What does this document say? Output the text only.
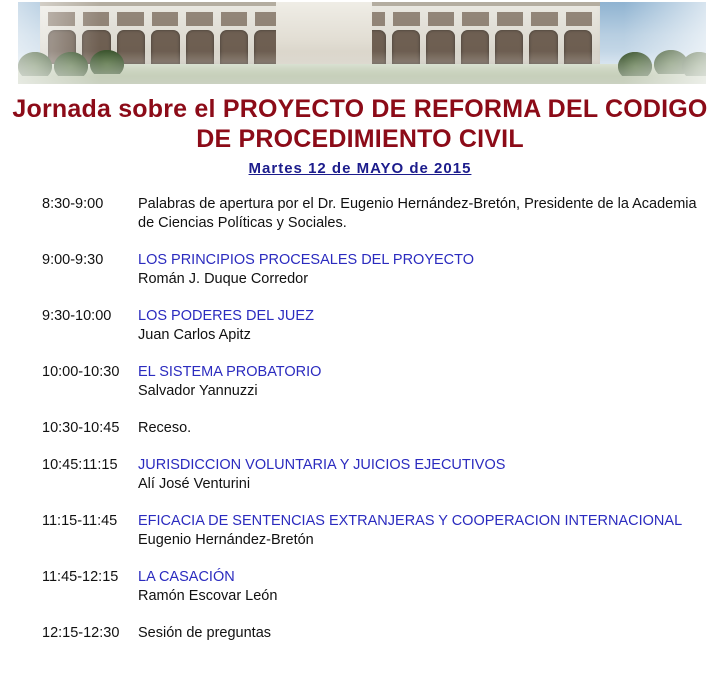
Jornada sobre el PROYECTO DE REFORMA DEL CODIGO DE PROCEDIMIENTO CIVIL
Martes 12 de MAYO de 2015
8:30-9:00	Palabras de apertura por el Dr. Eugenio Hernández-Bretón, Presidente de la Academia de Ciencias Políticas y Sociales.
9:00-9:30	LOS PRINCIPIOS PROCESALES DEL PROYECTO
Román J. Duque Corredor
9:30-10:00	LOS PODERES DEL JUEZ
Juan Carlos Apitz
10:00-10:30	EL SISTEMA PROBATORIO
Salvador Yannuzzi
10:30-10:45	Receso.
10:45:11:15	JURISDICCION VOLUNTARIA Y JUICIOS EJECUTIVOS
Alí José Venturini
11:15-11:45	EFICACIA DE SENTENCIAS EXTRANJERAS Y COOPERACION INTERNACIONAL
Eugenio Hernández-Bretón
11:45-12:15	LA CASACIÓN
Ramón Escovar León
12:15-12:30	Sesión de preguntas
